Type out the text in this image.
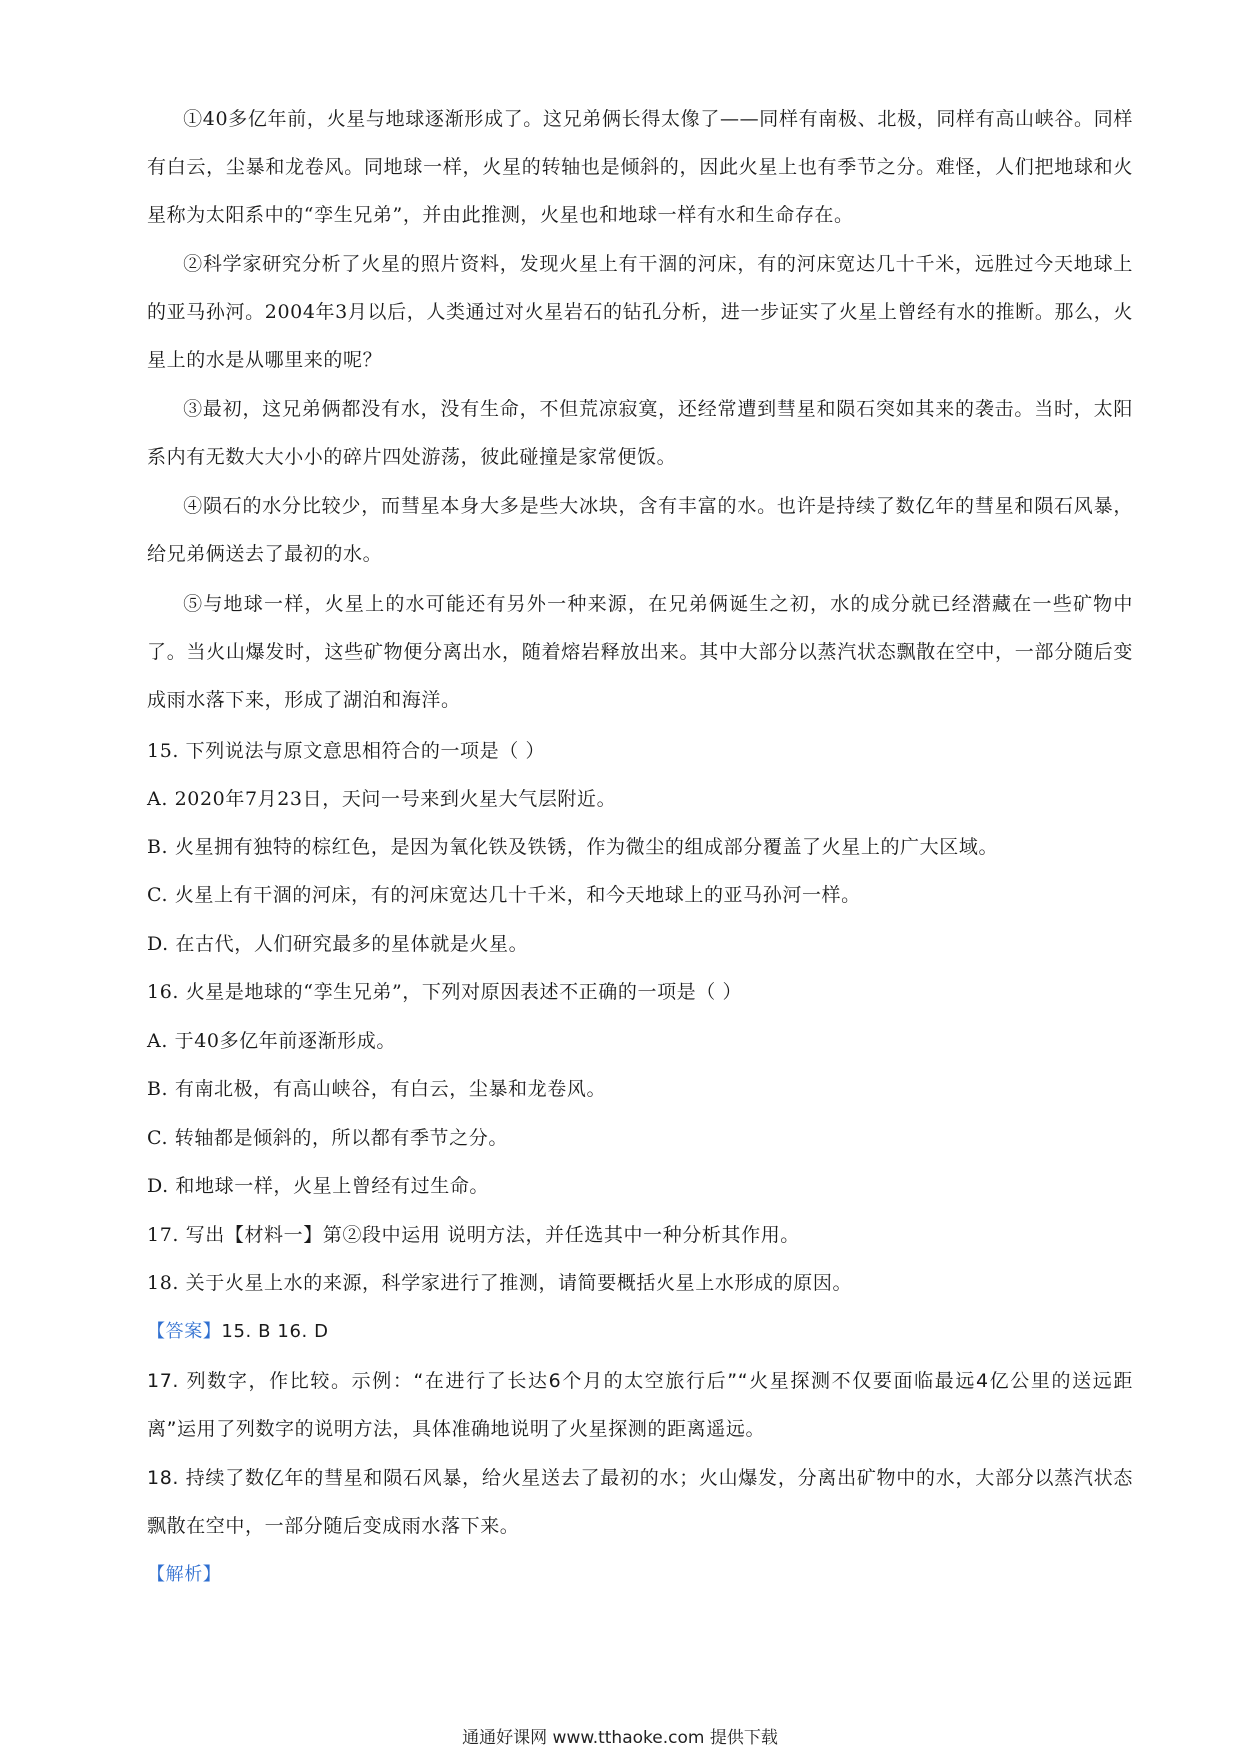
①40多亿年前，火星与地球逐渐形成了。这兄弟俩长得太像了——同样有南极、北极，同样有高山峡谷。同样有白云，尘暴和龙卷风。同地球一样，火星的转轴也是倾斜的，因此火星上也有季节之分。难怪，人们把地球和火星称为太阳系中的“孪生兄弟”，并由此推测，火星也和地球一样有水和生命存在。

②科学家研究分析了火星的照片资料，发现火星上有干涸的河床，有的河床宽达几十千米，远胜过今天地球上的亚马孙河。2004年3月以后，人类通过对火星岩石的钻孔分析，进一步证实了火星上曾经有水的推断。那么，火星上的水是从哪里来的呢？

③最初，这兄弟俩都没有水，没有生命，不但荒凉寂寞，还经常遭到彗星和陨石突如其来的袭击。当时，太阳系内有无数大大小小的碎片四处游荡，彼此碰撞是家常便饭。

④陨石的水分比较少，而彗星本身大多是些大冰块，含有丰富的水。也许是持续了数亿年的彗星和陨石风暴，给兄弟俩送去了最初的水。

⑤与地球一样，火星上的水可能还有另外一种来源，在兄弟俩诞生之初，水的成分就已经潜藏在一些矿物中了。当火山爆发时，这些矿物便分离出水，随着熔岩释放出来。其中大部分以蒸汽状态飘散在空中，一部分随后变成雨水落下来，形成了湖泊和海洋。

15. 下列说法与原文意思相符合的一项是（ ）

A. 2020年7月23日，天问一号来到火星大气层附近。

B. 火星拥有独特的棕红色，是因为氧化铁及铁锈，作为微尘的组成部分覆盖了火星上的广大区域。

C. 火星上有干涸的河床，有的河床宽达几十千米，和今天地球上的亚马孙河一样。

D. 在古代，人们研究最多的星体就是火星。

16. 火星是地球的“孪生兄弟”，下列对原因表述不正确的一项是（ ）

A. 于40多亿年前逐渐形成。

B. 有南北极，有高山峡谷，有白云，尘暴和龙卷风。

C. 转轴都是倾斜的，所以都有季节之分。

D. 和地球一样，火星上曾经有过生命。

17. 写出【材料一】第②段中运用 说明方法，并任选其中一种分析其作用。

18. 关于火星上水的来源，科学家进行了推测，请简要概括火星上水形成的原因。

【答案】15. B 16. D

17. 列数字，作比较。示例：“在进行了长达6个月的太空旅行后”“火星探测不仅要面临最远4亿公里的送远距离”运用了列数字的说明方法，具体准确地说明了火星探测的距离遥远。

18. 持续了数亿年的彗星和陨石风暴，给火星送去了最初的水；火山爆发，分离出矿物中的水，大部分以蒸汽状态飘散在空中，一部分随后变成雨水落下来。

【解析】

通通好课网 www.tthaoke.com 提供下载
